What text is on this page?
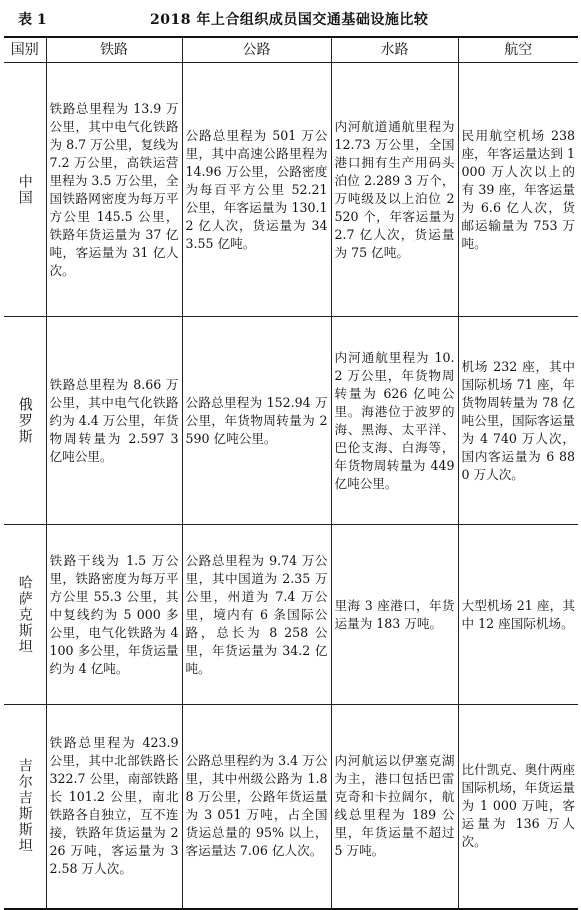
表 1	2018 年上合组织成员国交通基础设施比较
国别	铁路	公路	水路	航空

中国	铁路总里程为 13.9 万公里，其中电气化铁路为 8.7 万公里，复线为 7.2 万公里，高铁运营里程为 3.5 万公里，全国铁路网密度为每万平方公里 145.5 公里，铁路年货运量为 37 亿吨，客运量为 31 亿人次。	公路总里程为 501 万公里，其中高速公路里程为 14.96 万公里，公路密度为每百平方公里 52.21 公里，年客运量为 130.12 亿人次，货运量为 343.55 亿吨。	内河航道通航里程为 12.73 万公里，全国港口拥有生产用码头泊位 2.289 3 万个，万吨级及以上泊位 2 520 个，年客运量为 2.7 亿人次，货运量为 75 亿吨。	民用航空机场 238 座，年客运量达到 1 000 万人次以上的有 39 座，年客运量为 6.6 亿人次，货邮运输量为 753 万吨。

俄罗斯	铁路总里程为 8.66 万公里，其中电气化铁路约为 4.4 万公里，年货物周转量为 2.597 3 亿吨公里。	公路总里程为 152.94 万公里，年货物周转量为 2 590 亿吨公里。	内河通航里程为 10.2 万公里，年货物周转量为 626 亿吨公里。海港位于波罗的海、黑海、太平洋、巴伦支海、白海等，年货物周转量为 449 亿吨公里。	机场 232 座，其中国际机场 71 座，年货物周转量为 78 亿吨公里，国际客运量为 4 740 万人次，国内客运量为 6 880 万人次。

哈萨克斯坦	铁路干线为 1.5 万公里，铁路密度为每万平方公里 55.3 公里，其中复线约为 5 000 多公里，电气化铁路为 4 100 多公里，年货运量约为 4 亿吨。	公路总里程为 9.74 万公里，其中国道为 2.35 万公里，州道为 7.4 万公里，境内有 6 条国际公路，总长为 8 258 公里，年货运量为 34.2 亿吨。	里海 3 座港口，年货运量为 183 万吨。	大型机场 21 座，其中 12 座国际机场。

吉尔吉斯斯坦	铁路总里程为 423.9 公里，其中北部铁路长 322.7 公里，南部铁路长 101.2 公里，南北铁路各自独立，互不连接，铁路年货运量为 226 万吨，客运量为 32.58 万人次。	公路总里程约为 3.4 万公里，其中州级公路为 1.88 万公里，公路年货运量为 3 051 万吨，占全国货运总量的 95% 以上，客运量达 7.06 亿人次。	内河航运以伊塞克湖为主，港口包括巴雷克奇和卡拉阔尔，航线总里程为 189 公里，年货运量不超过 5 万吨。	比什凯克、奥什两座国际机场，年货运量为 1 000 万吨，客运量为 136 万人次。
